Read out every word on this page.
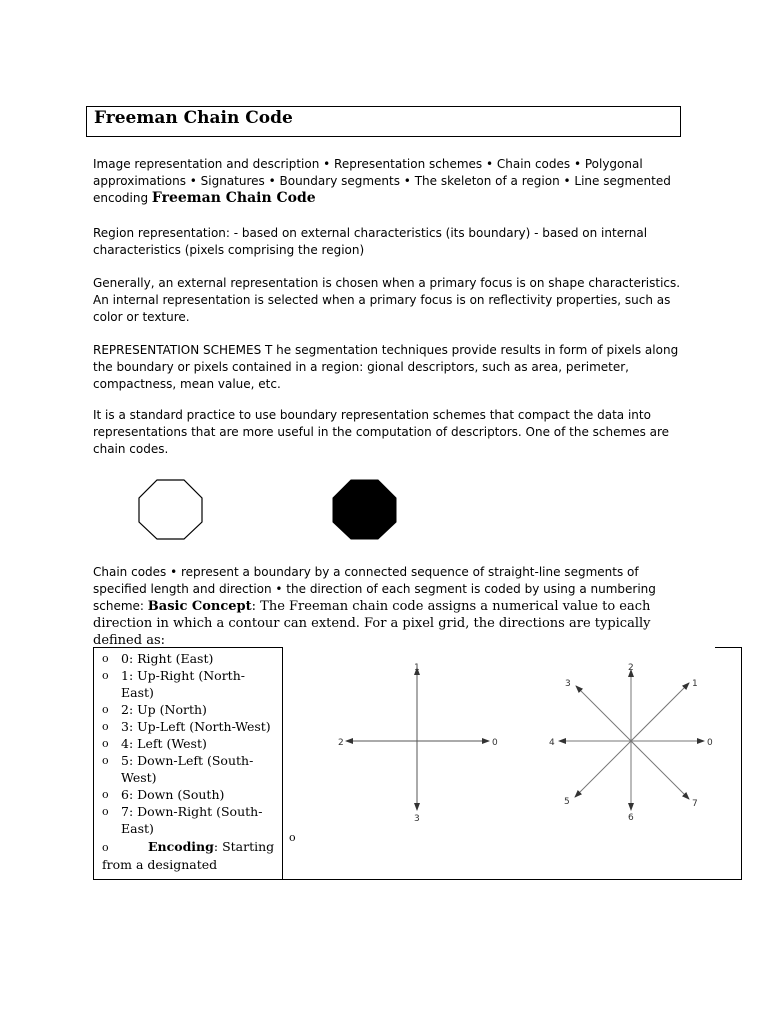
Freeman Chain Code
Image representation and description • Representation schemes • Chain codes • Polygonal approximations • Signatures • Boundary segments • The skeleton of a region • Line segmented encoding Freeman Chain Code
Region representation: - based on external characteristics (its boundary) - based on internal characteristics (pixels comprising the region)
Generally, an external representation is chosen when a primary focus is on shape characteristics. An internal representation is selected when a primary focus is on reflectivity properties, such as color or texture.
REPRESENTATION SCHEMES T he segmentation techniques provide results in form of pixels along the boundary or pixels contained in a region: gional descriptors, such as area, perimeter, compactness, mean value, etc.
It is a standard practice to use boundary representation schemes that compact the data into representations that are more useful in the computation of descriptors. One of the schemes are chain codes.
Chain codes • represent a boundary by a connected sequence of straight-line segments of specified length and direction • the direction of each segment is coded by using a numbering scheme: Basic Concept: The Freeman chain code assigns a numerical value to each direction in which a contour can extend. For a pixel grid, the directions are typically defined as:
o 0: Right (East)
o 1: Up-Right (North-East)
o 2: Up (North)
o 3: Up-Left (North-West)
o 4: Left (West)
o 5: Down-Left (South-West)
o 6: Down (South)
o 7: Down-Right (South-East)
o	Encoding: Starting from a designated
o
0
1
2
3
0
1
2
3
4
5
6
7
